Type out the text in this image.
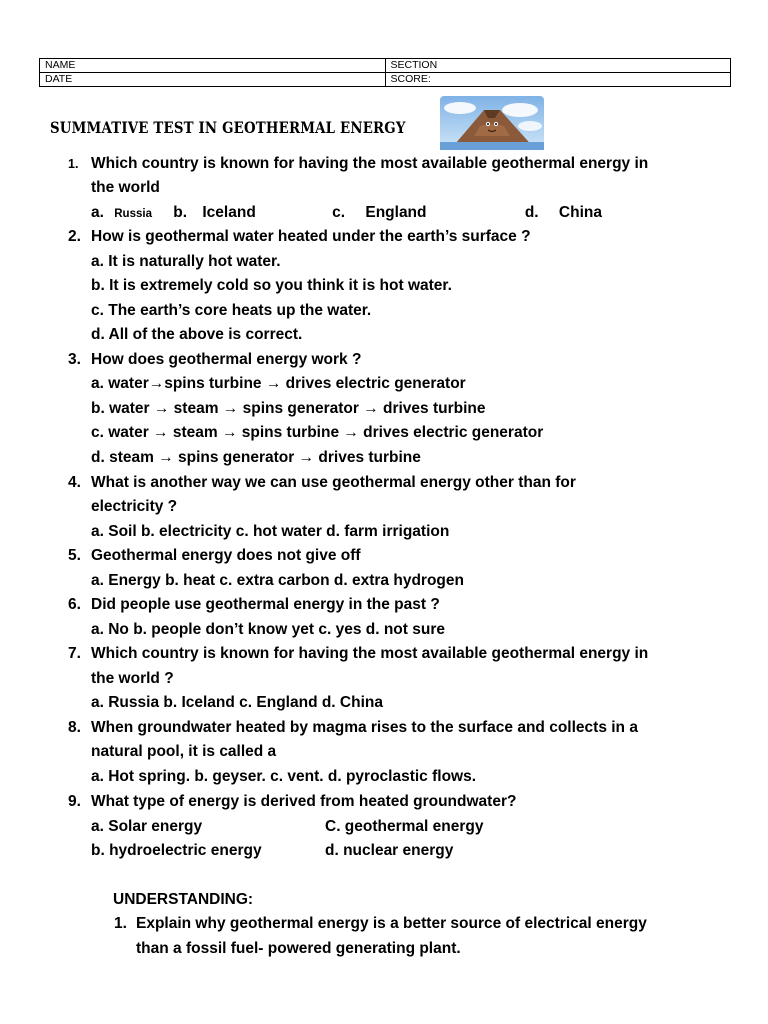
NAME	SECTION
DATE	SCORE:
SUMMATIVE TEST IN GEOTHERMAL ENERGY
1. Which country is known for having the most available geothermal energy in
the world
a. Russia b. Iceland	c. England	d. China
2. How is geothermal water heated under the earth’s surface ?
a. It is naturally hot water.
b. It is extremely cold so you think it is hot water.
c. The earth’s core heats up the water.
d. All of the above is correct.
3. How does geothermal energy work ?
a. water→spins turbine → drives electric generator
b. water → steam → spins generator → drives turbine
c. water → steam → spins turbine → drives electric generator
d. steam → spins generator → drives turbine
4. What is another way we can use geothermal energy other than for
electricity ?
a. Soil b. electricity c. hot water d. farm irrigation
5. Geothermal energy does not give off
a. Energy b. heat c. extra carbon d. extra hydrogen
6. Did people use geothermal energy in the past ?
a. No b. people don’t know yet c. yes d. not sure
7. Which country is known for having the most available geothermal energy in
the world ?
a. Russia b. Iceland c. England d. China
8. When groundwater heated by magma rises to the surface and collects in a
natural pool, it is called a
a. Hot spring. b. geyser. c. vent. d. pyroclastic flows.
9. What type of energy is derived from heated groundwater?
a. Solar energy	C. geothermal energy
b. hydroelectric energy	d. nuclear energy
UNDERSTANDING:
1. Explain why geothermal energy is a better source of electrical energy
than a fossil fuel- powered generating plant.
